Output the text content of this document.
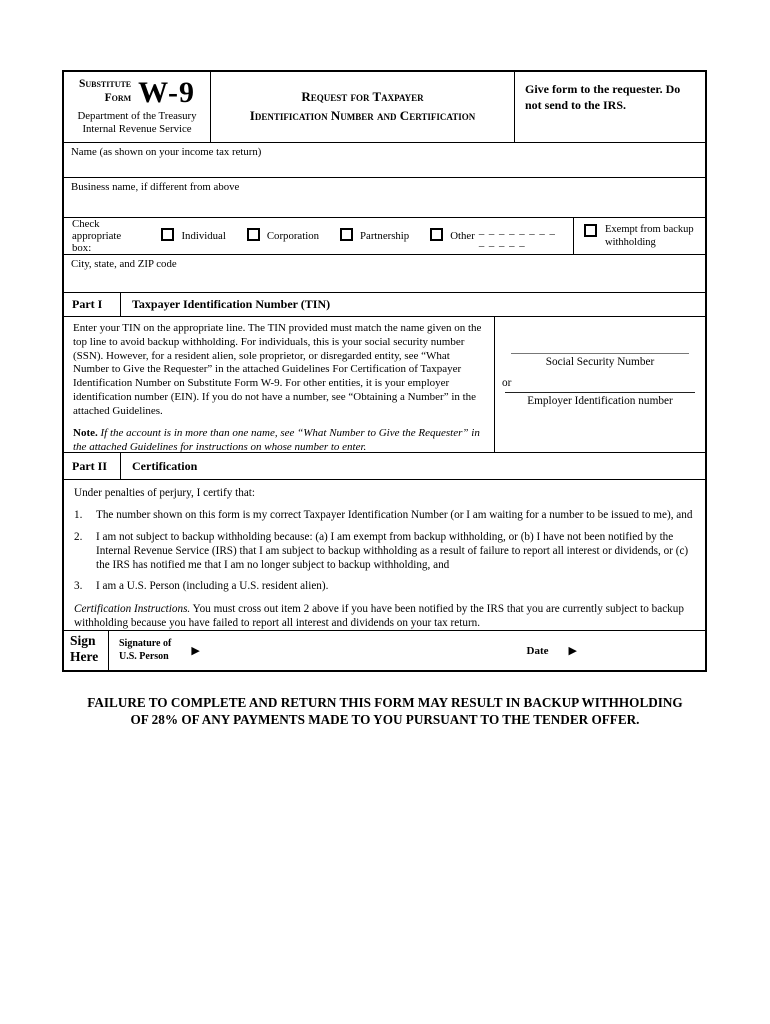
Substitute
Form W-9
Department of the Treasury
Internal Revenue Service
Request for Taxpayer
Identification Number and Certification
Give form to the requester. Do not send to the IRS.
Name (as shown on your income tax return)
Business name, if different from above
Check appropriate box:
Individual	Corporation	Partnership	Other _ _ _ _ _ _ _ _ _ _ _ _ _
Exempt from backup withholding
City, state, and ZIP code
Part I	Taxpayer Identification Number (TIN)
Enter your TIN on the appropriate line. The TIN provided must match the name given on the top line to avoid backup withholding. For individuals, this is your social security number (SSN). However, for a resident alien, sole proprietor, or disregarded entity, see “What Number to Give the Requester” in the attached Guidelines For Certification of Taxpayer Identification Number on Substitute Form W-9. For other entities, it is your employer identification number (EIN). If you do not have a number, see “Obtaining a Number” in the attached Guidelines.
Note. If the account is in more than one name, see “What Number to Give the Requester” in the attached Guidelines for instructions on whose number to enter.
Social Security Number
or
Employer Identification number
Part II	Certification
Under penalties of perjury, I certify that:
1.	The number shown on this form is my correct Taxpayer Identification Number (or I am waiting for a number to be issued to me), and
2.	I am not subject to backup withholding because: (a) I am exempt from backup withholding, or (b) I have not been notified by the Internal Revenue Service (IRS) that I am subject to backup withholding as a result of failure to report all interest or dividends, or (c) the IRS has notified me that I am no longer subject to backup withholding, and
3.	I am a U.S. Person (including a U.S. resident alien).
Certification Instructions. You must cross out item 2 above if you have been notified by the IRS that you are currently subject to backup withholding because you have failed to report all interest and dividends on your tax return.
Sign
Here
Signature of
U.S. Person ▶	Date ▶
FAILURE TO COMPLETE AND RETURN THIS FORM MAY RESULT IN BACKUP WITHHOLDING
OF 28% OF ANY PAYMENTS MADE TO YOU PURSUANT TO THE TENDER OFFER.
